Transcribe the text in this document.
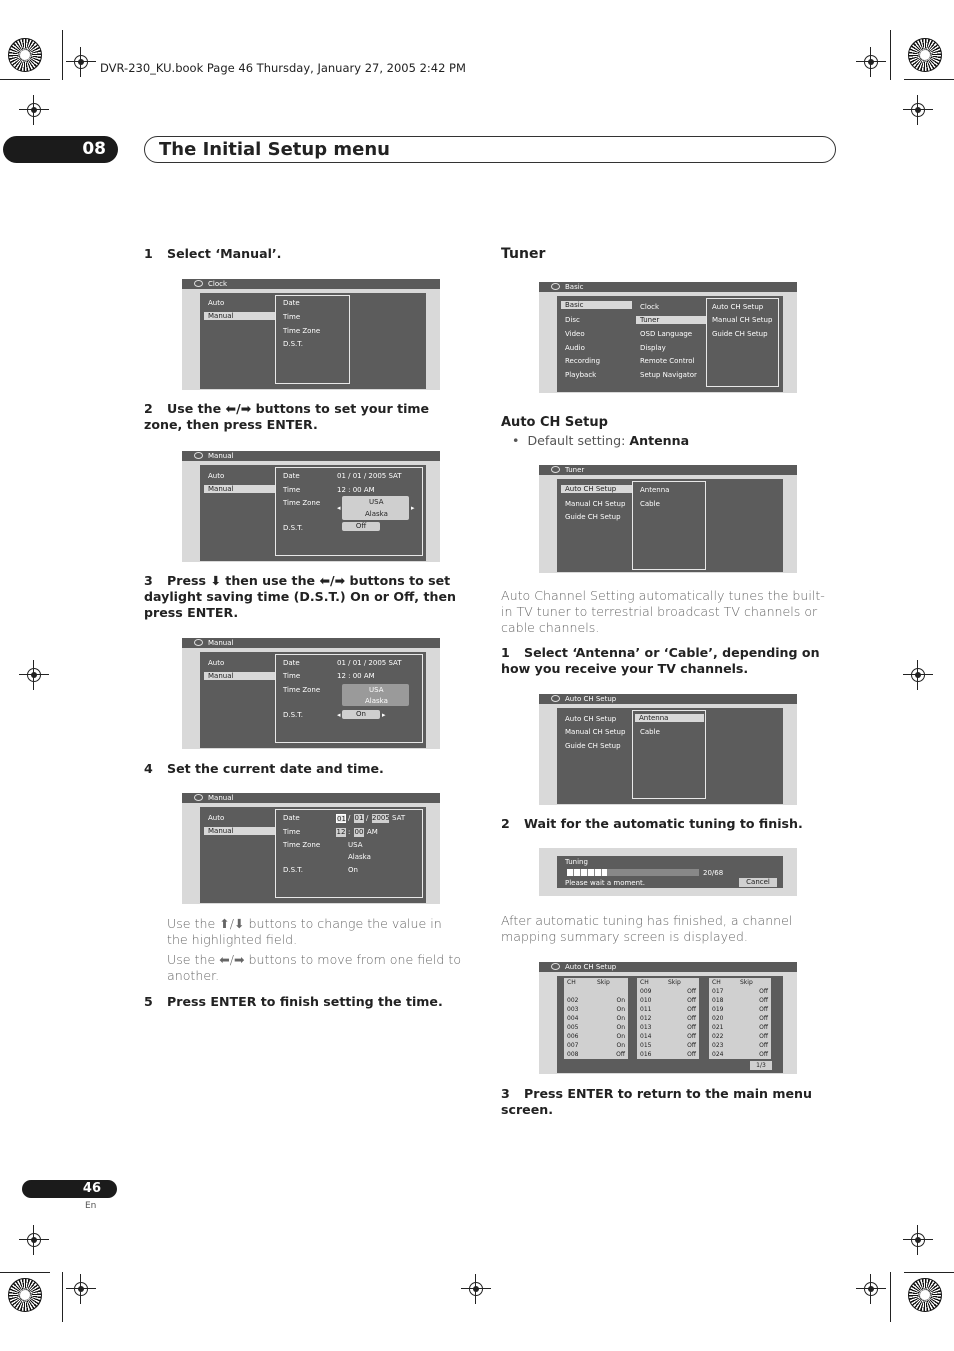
DVR-230_KU.book Page 46 Thursday, January 27, 2005 2:42 PM
08	The Initial Setup menu
1 Select ‘Manual’.
Clock
Auto
Manual
Date
Time
Time Zone
D.S.T.
2 Use the ⬅/➡ buttons to set your time zone, then press ENTER.
Manual
Auto
Manual
Date
Time
Time Zone
D.S.T.
01 / 01 / 2005 SAT
12 : 00 AM
USA
Alaska
◂	▸
Off
3 Press ⬇ then use the ⬅/➡ buttons to set daylight saving time (D.S.T.) On or Off, then press ENTER.
Manual
Auto
Manual
Date
Time
Time Zone
D.S.T.
01 / 01 / 2005 SAT
12 : 00 AM
USA
Alaska
◂	On	▸
4 Set the current date and time.
Manual
Auto
Manual
Date
Time
Time Zone
D.S.T.
01 / 01 / 2005 SAT
12 : 00 AM
USA
Alaska
On
Use the ⬆/⬇ buttons to change the value in the highlighted field.
Use the ⬅/➡ buttons to move from one field to another.
5 Press ENTER to finish setting the time.
Tuner
Basic
Basic
Disc
Video
Audio
Recording
Playback
Clock
Tuner
OSD Language
Display
Remote Control
Setup Navigator
Auto CH Setup
Manual CH Setup
Guide CH Setup
Auto CH Setup
•  Default setting: Antenna
Tuner
Auto CH Setup
Manual CH Setup
Guide CH Setup
Antenna
Cable
Auto Channel Setting automatically tunes the built-in TV tuner to terrestrial broadcast TV channels or cable channels.
1 Select ‘Antenna’ or ‘Cable’, depending on how you receive your TV channels.
Auto CH Setup
Auto CH Setup
Manual CH Setup
Guide CH Setup
Antenna
Cable
2 Wait for the automatic tuning to finish.
Tuning
20/68
Please wait a moment.	Cancel
After automatic tuning has finished, a channel mapping summary screen is displayed.
Auto CH Setup
CH	Skip

002	On
003	On
004	On
005	On
006	On
007	On
008	Off
CH	Skip
009	Off
010	Off
011	Off
012	Off
013	Off
014	Off
015	Off
016	Off
CH	Skip
017	Off
018	Off
019	Off
020	Off
021	Off
022	Off
023	Off
024	Off
1/3
3 Press ENTER to return to the main menu screen.
46
En
